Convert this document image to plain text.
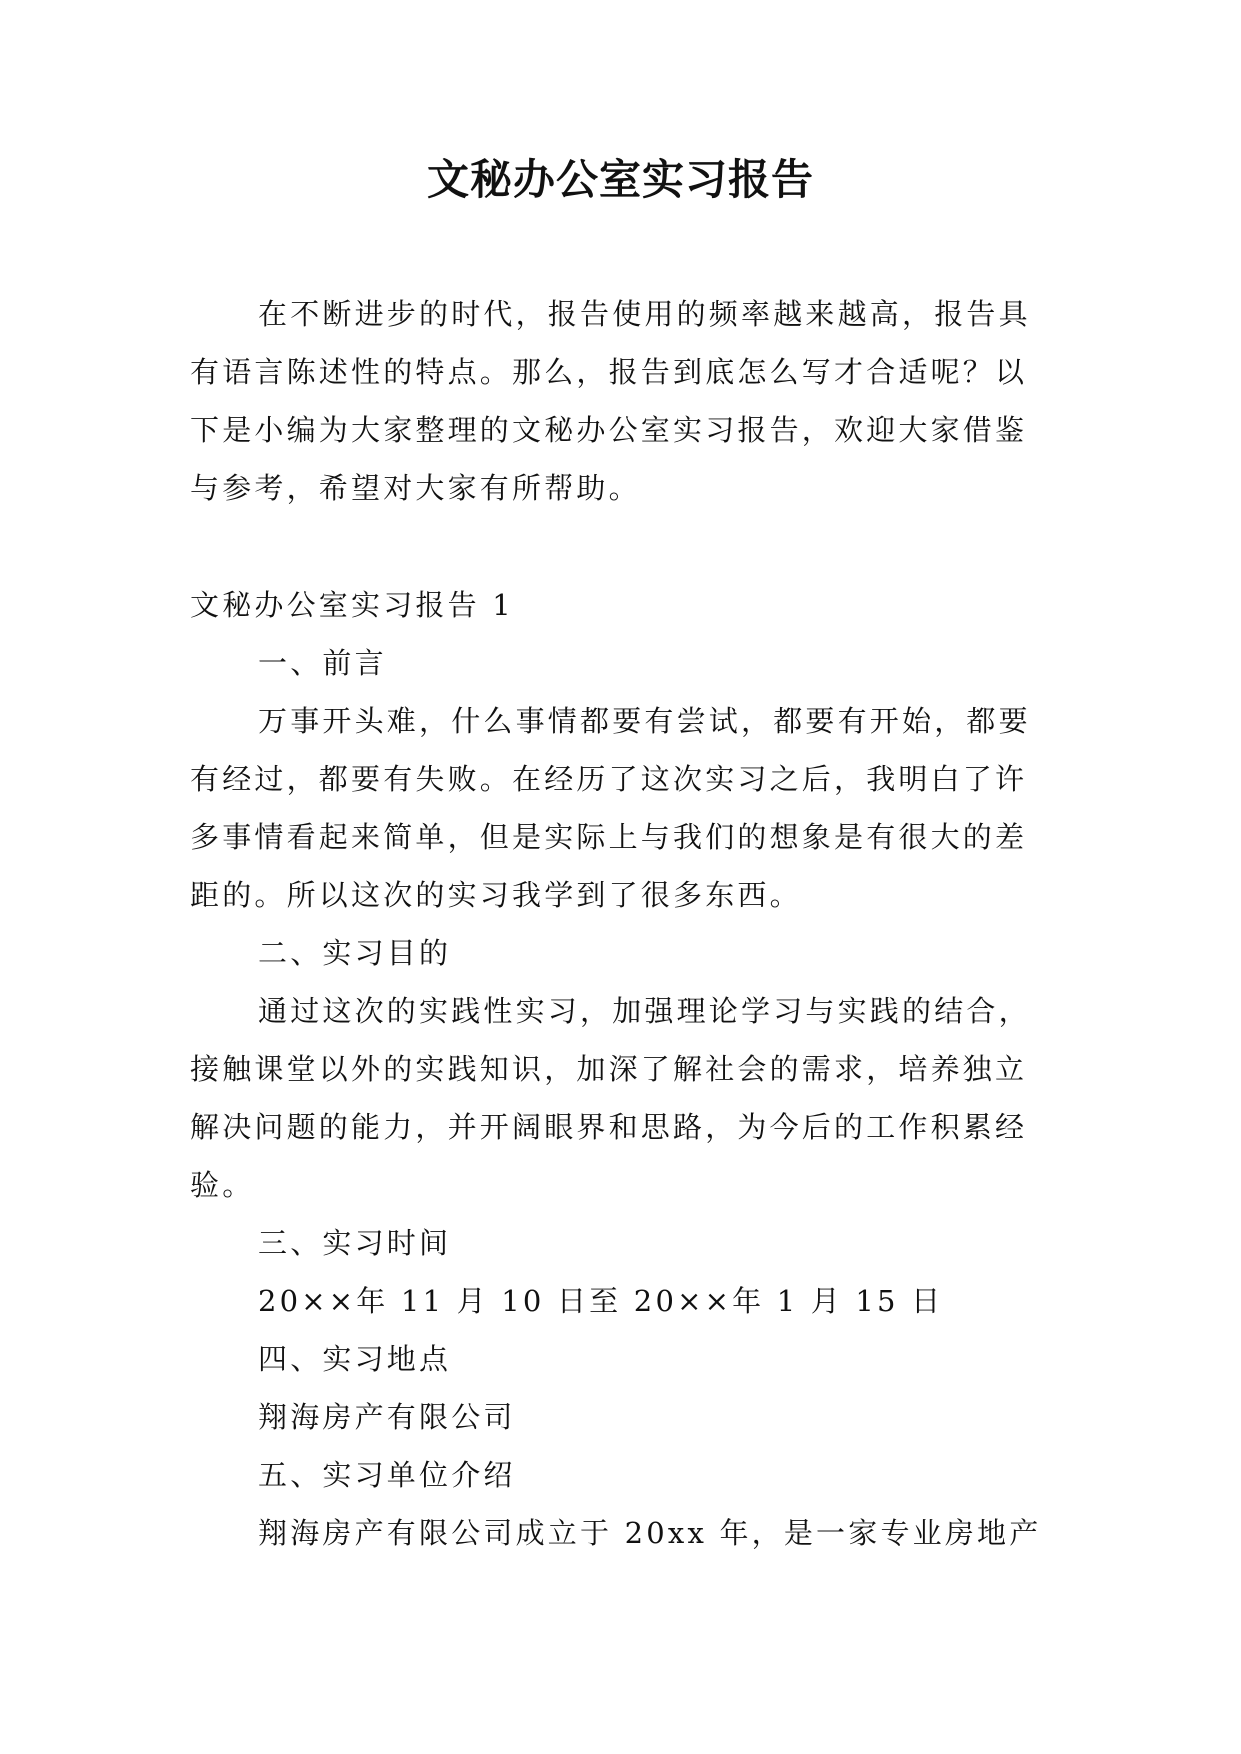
文秘办公室实习报告
在不断进步的时代，报告使用的频率越来越高，报告具
有语言陈述性的特点。那么，报告到底怎么写才合适呢？以
下是小编为大家整理的文秘办公室实习报告，欢迎大家借鉴
与参考，希望对大家有所帮助。
文秘办公室实习报告 1
一、前言
万事开头难，什么事情都要有尝试，都要有开始，都要
有经过，都要有失败。在经历了这次实习之后，我明白了许
多事情看起来简单，但是实际上与我们的想象是有很大的差
距的。所以这次的实习我学到了很多东西。
二、实习目的
通过这次的实践性实习，加强理论学习与实践的结合，
接触课堂以外的实践知识，加深了解社会的需求，培养独立
解决问题的能力，并开阔眼界和思路，为今后的工作积累经
验。
三、实习时间
20××年 11 月 10 日至 20××年 1 月 15 日
四、实习地点
翔海房产有限公司
五、实习单位介绍
翔海房产有限公司成立于 20xx 年，是一家专业房地产
